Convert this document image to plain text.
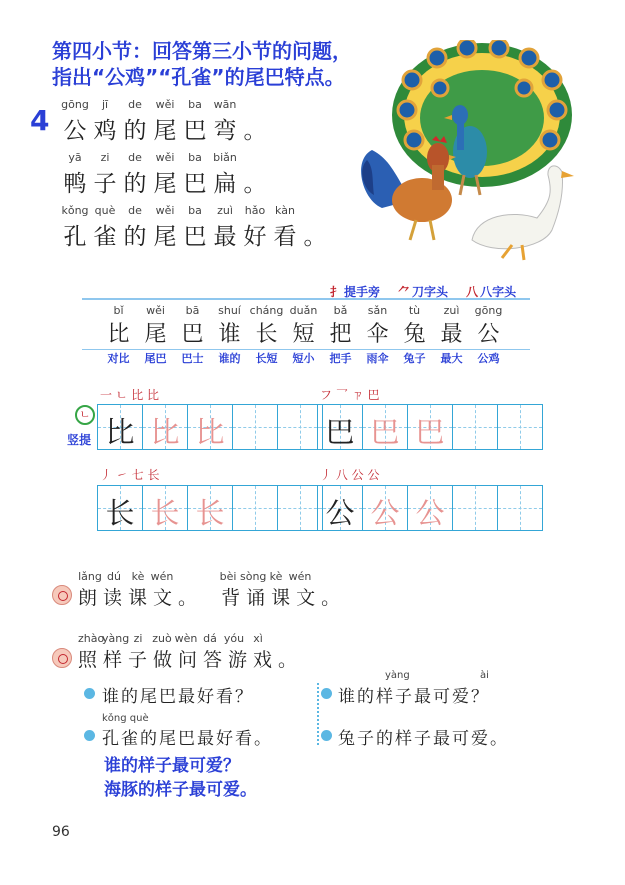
第四小节：回答第三小节的问题，
指出“公鸡”“孔雀”的尾巴特点。
4 gōng	jī	de	wěi	ba	wān
公 鸡 的 尾 巴 弯 。
yā	zi	de	wěi	ba	biǎn
鸭 子 的 尾 巴 扁 。
kǒng què	de	wěi	ba	zuì	hǎo kàn
孔 雀 的 尾 巴 最 好 看 。
扌 提手旁 ⺈ 刀字头 八 八字头
bǐ	wěi	bā	shuí cháng duǎn	bǎ	sǎn	tù	zuì	gōng
比 尾 巴 谁 长 短 把 伞 兔 最 公
对比	尾巴	巴士	谁的	长短	短小	把手	雨伞	兔子	最大	公鸡
ㄴ
竖提
一 ㄴ 比 比
比 比 比
フ 乛 ㄗ 巴
巴 巴 巴
丿 ㇀ 七 长
长 长 长
丿 八 公 公
公 公 公
lǎng dú kè wén	bèi sòng kè wén
朗读课文。 背诵课文。
zhào
yàng zi zuò wèn dá yóu xì
照样子做问答游戏。
谁的尾巴最好看？
kǒng què
孔雀的尾巴最好看。
yàng	ài
谁的样子最可爱？
兔子的样子最可爱。
谁的样子最可爱？
海豚的样子最可爱。
96
